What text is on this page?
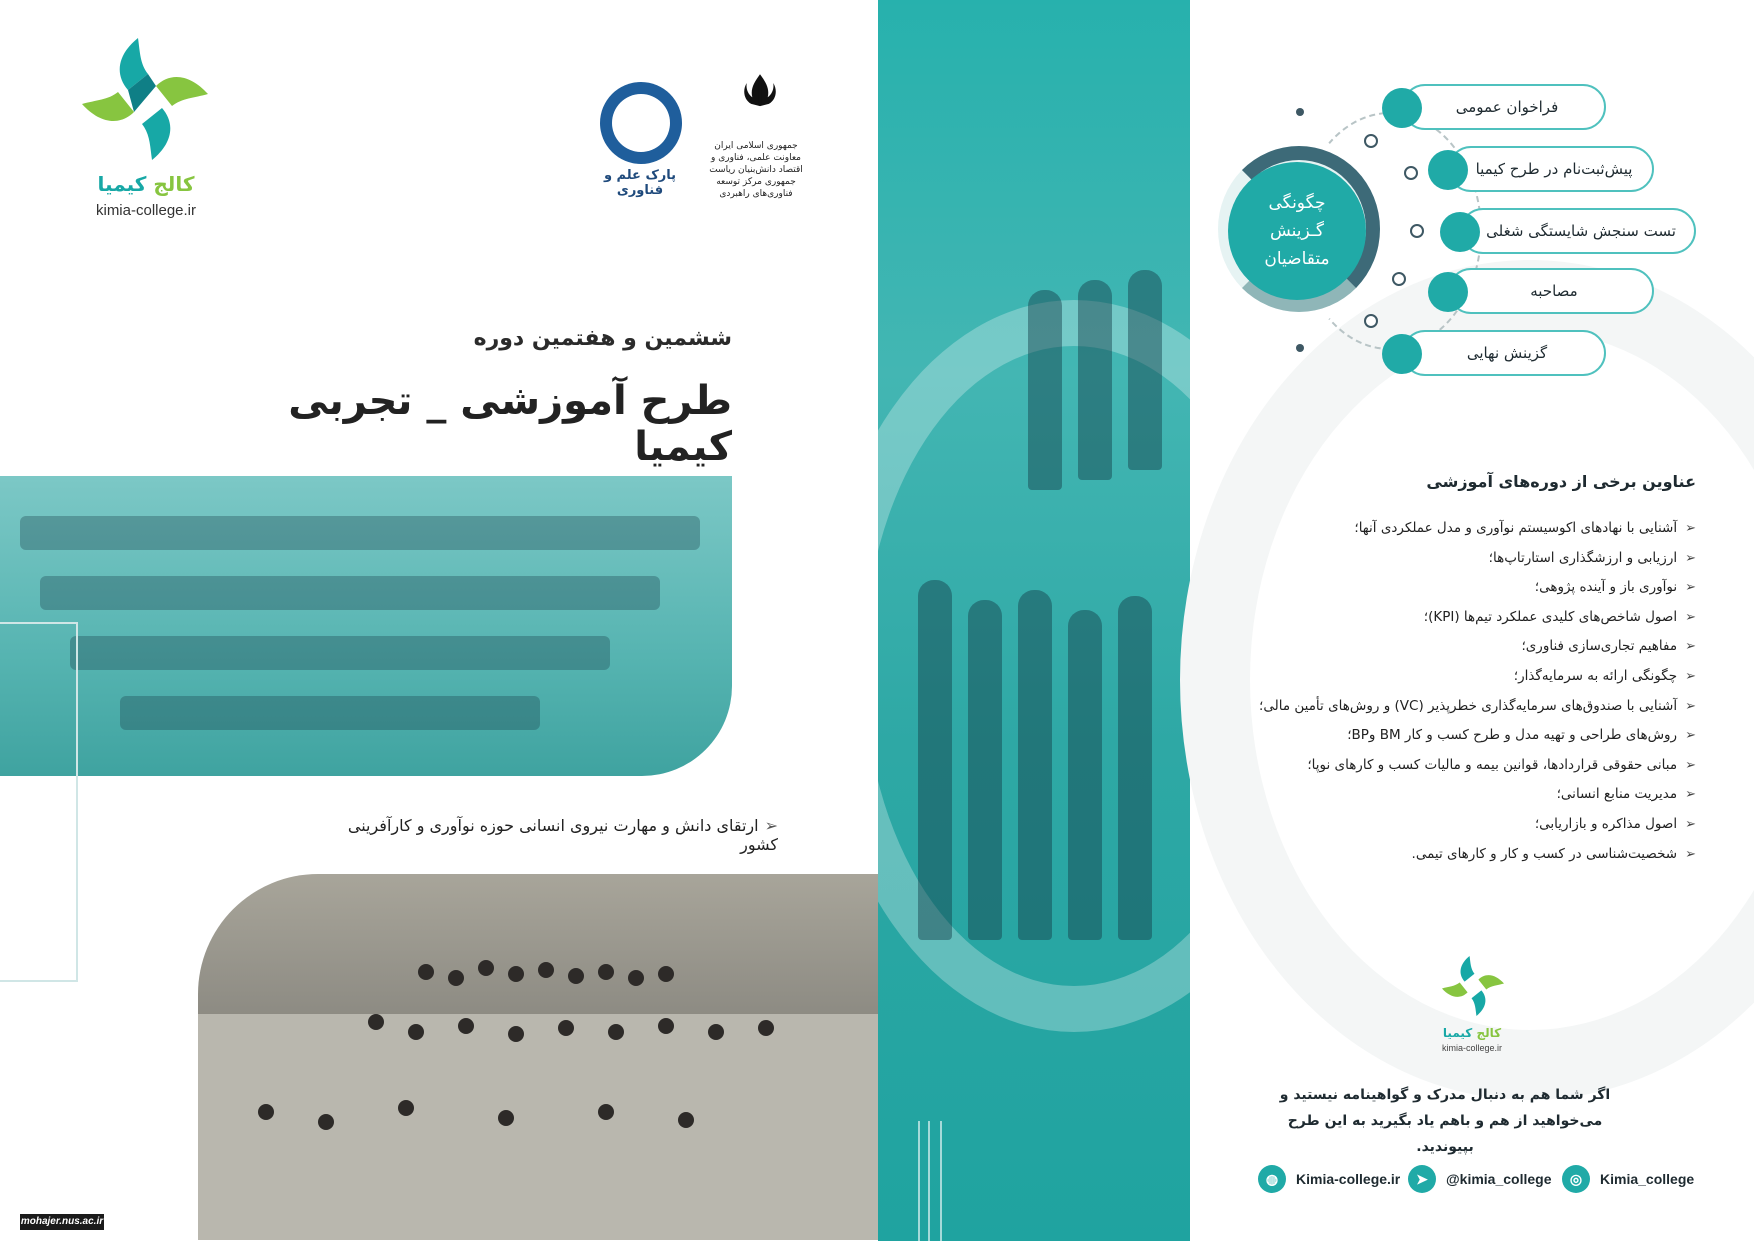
کالج کیمیا
kimia-college.ir
جمهوری اسلامی ایران معاونت علمی، فناوری و اقتصاد دانش‌بنیان ریاست جمهوری مرکز توسعه فناوری‌های راهبردی
پارک علم و فناوری
ششمین و هفتمین دوره
طرح آموزشی _ تجربی کیمیا
➢ارتقای دانش و مهارت نیروی انسانی حوزه نوآوری و کارآفرینی کشور
mohajer.nus.ac.ir
چگونگی
گـزینش
متقاضیان
فراخوان عمومی
پیش‌ثبت‌نام در طرح کیمیا
تست سنجش شایستگی شغلی
مصاحبه
گزینش نهایی
عناوین برخی از دوره‌های آموزشی
➢آشنایی با نهادهای اکوسیستم نوآوری و مدل عملکردی آنها؛
➢ارزیابی و ارزشگذاری استارتاپ‌ها؛
➢نوآوری باز و آینده پژوهی؛
➢اصول شاخص‌های کلیدی عملکرد تیم‌ها (KPI)؛
➢مفاهیم تجاری‌سازی فناوری؛
➢چگونگی ارائه به سرمایه‌گذار؛
➢آشنایی با صندوق‌های سرمایه‌گذاری خطرپذیر (VC) و روش‌های تأمین مالی؛
➢روش‌های طراحی و تهیه مدل و طرح کسب و کار BM وBP؛
➢مبانی حقوقی قراردادها، قوانین بیمه و مالیات کسب و کارهای نوپا؛
➢مدیریت منابع انسانی؛
➢اصول مذاکره و بازاریابی؛
➢شخصیت‌شناسی در کسب و کار و کارهای تیمی.
کالج کیمیا
kimia-college.ir
اگر شما هم به دنبال مدرک و گواهینامه نیستید و
می‌خواهید از هم و باهم یاد بگیرید به این طرح بپیوندید.
◍	Kimia-college.ir	➤	@kimia_college	◎	Kimia_college
